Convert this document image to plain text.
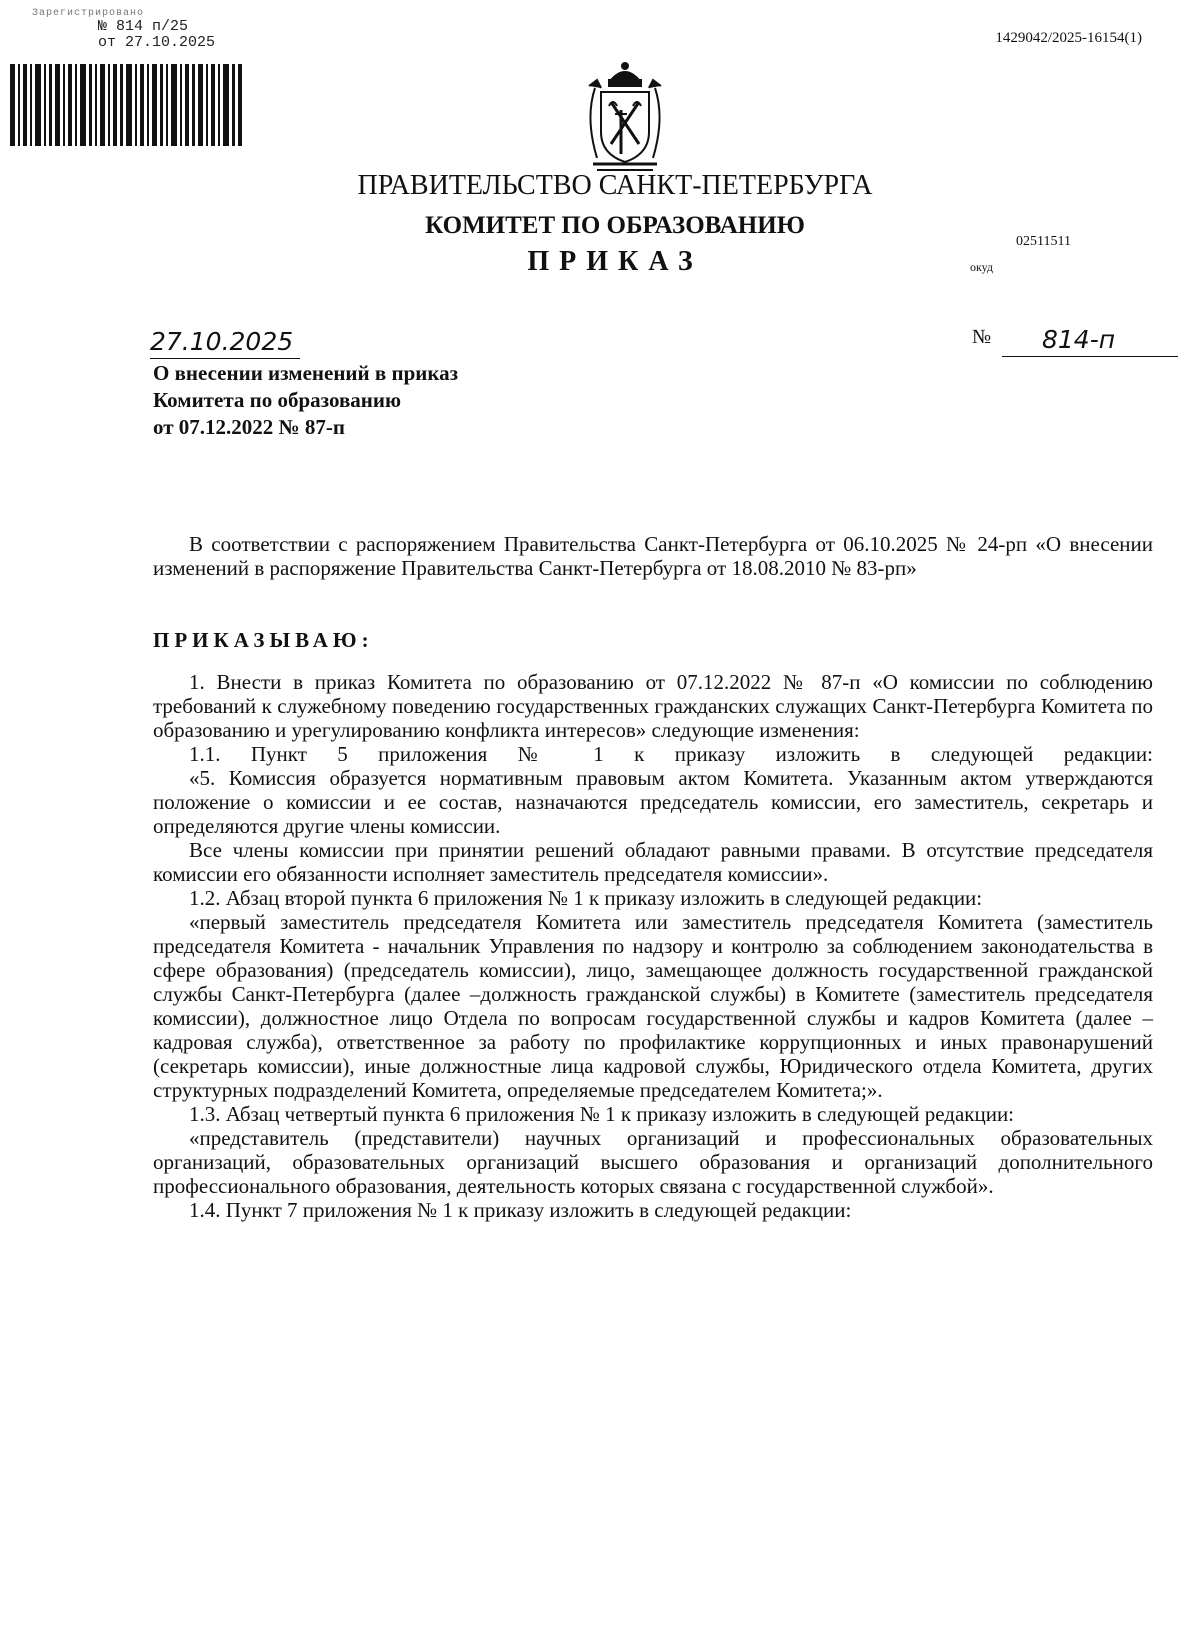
Зарегистрировано
№ 814 п/25
от 27.10.2025	1429042/2025-16154(1)
ПРАВИТЕЛЬСТВО САНКТ-ПЕТЕРБУРГА
КОМИТЕТ ПО ОБРАЗОВАНИЮ
ПРИКАЗ
02511511
окуд
27.10.2025	№ 814-п
О внесении изменений в приказ
Комитета по образованию
от 07.12.2022 № 87-п

В соответствии с распоряжением Правительства Санкт-Петербурга от 06.10.2025 № 24-рп «О внесении изменений в распоряжение Правительства Санкт-Петербурга от 18.08.2010 № 83-рп»

ПРИКАЗЫВАЮ:

1. Внести в приказ Комитета по образованию от 07.12.2022 № 87-п «О комиссии по соблюдению требований к служебному поведению государственных гражданских служащих Санкт-Петербурга Комитета по образованию и урегулированию конфликта интересов» следующие изменения:

1.1. Пункт 5 приложения № 1 к приказу изложить в следующей редакции:

«5. Комиссия образуется нормативным правовым актом Комитета. Указанным актом утверждаются положение о комиссии и ее состав, назначаются председатель комиссии, его заместитель, секретарь и определяются другие члены комиссии.

Все члены комиссии при принятии решений обладают равными правами. В отсутствие председателя комиссии его обязанности исполняет заместитель председателя комиссии».

1.2. Абзац второй пункта 6 приложения № 1 к приказу изложить в следующей редакции:

«первый заместитель председателя Комитета или заместитель председателя Комитета (заместитель председателя Комитета - начальник Управления по надзору и контролю за соблюдением законодательства в сфере образования) (председатель комиссии), лицо, замещающее должность государственной гражданской службы Санкт-Петербурга (далее –должность гражданской службы) в Комитете (заместитель председателя комиссии), должностное лицо Отдела по вопросам государственной службы и кадров Комитета (далее – кадровая служба), ответственное за работу по профилактике коррупционных и иных правонарушений (секретарь комиссии), иные должностные лица кадровой службы, Юридического отдела Комитета, других структурных подразделений Комитета, определяемые председателем Комитета;».

1.3. Абзац четвертый пункта 6 приложения № 1 к приказу изложить в следующей редакции:

«представитель (представители) научных организаций и профессиональных образовательных организаций, образовательных организаций высшего образования и организаций дополнительного профессионального образования, деятельность которых связана с государственной службой».

1.4. Пункт 7 приложения № 1 к приказу изложить в следующей редакции:
